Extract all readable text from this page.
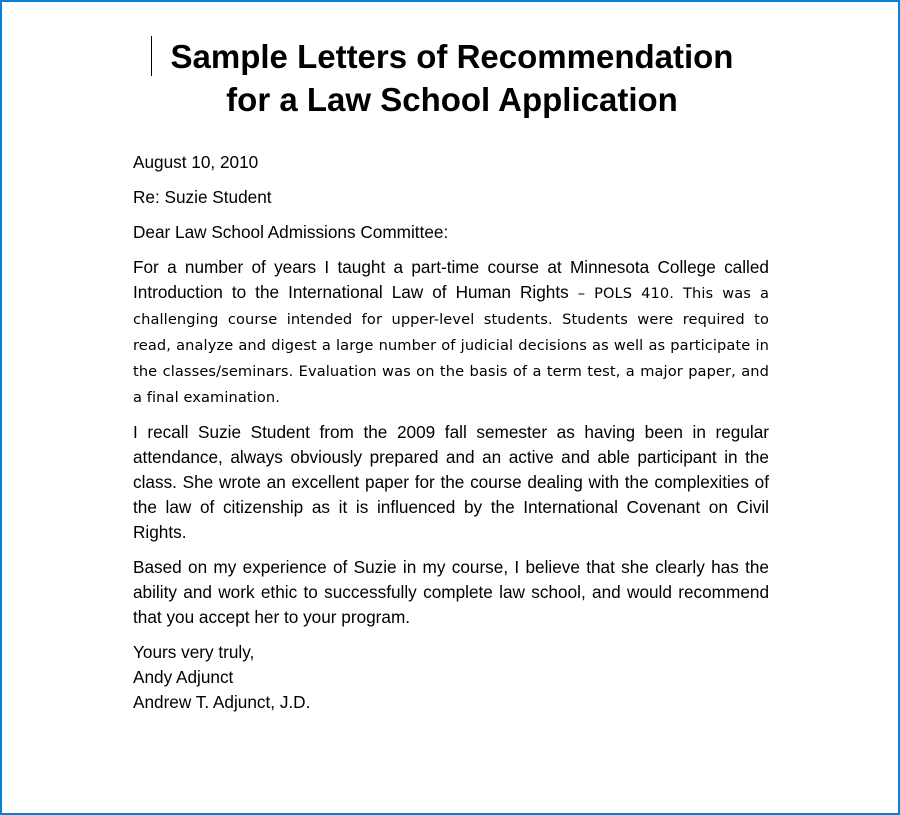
Sample Letters of Recommendation
for a Law School Application

August 10, 2010

Re: Suzie Student

Dear Law School Admissions Committee:

For a number of years I taught a part-time course at Minnesota College called Introduction to the International Law of Human Rights – POLS 410. This was a challenging course intended for upper-level students. Students were required to read, analyze and digest a large number of judicial decisions as well as participate in the classes/seminars. Evaluation was on the basis of a term test, a major paper, and a final examination.

I recall Suzie Student from the 2009 fall semester as having been in regular attendance, always obviously prepared and an active and able participant in the class. She wrote an excellent paper for the course dealing with the complexities of the law of citizenship as it is influenced by the International Covenant on Civil Rights.

Based on my experience of Suzie in my course, I believe that she clearly has the ability and work ethic to successfully complete law school, and would recommend that you accept her to your program.

Yours very truly,
Andy Adjunct
Andrew T. Adjunct, J.D.
